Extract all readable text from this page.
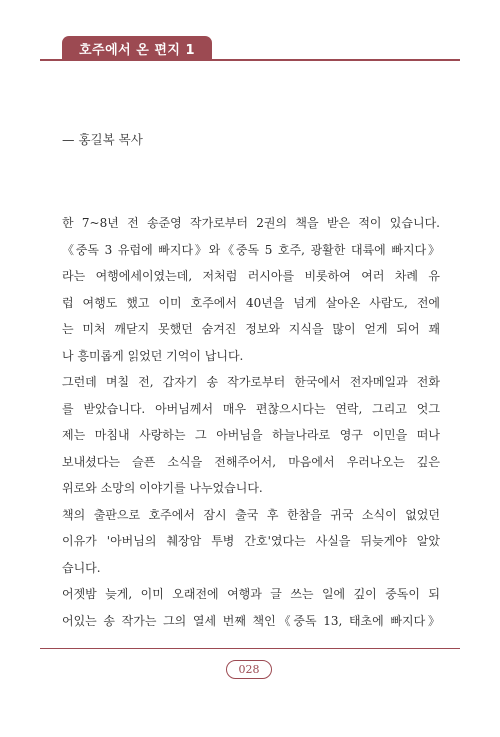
호주에서 온 편지 1
— 홍길복 목사
한 7~8년 전 송준영 작가로부터 2권의 책을 받은 적이 있습니다.
《중독 3 유럽에 빠지다》와《중독 5 호주, 광활한 대륙에 빠지다》
라는 여행에세이였는데, 저처럼 러시아를 비롯하여 여러 차례 유
럽 여행도 했고 이미 호주에서 40년을 넘게 살아온 사람도, 전에
는 미처 깨닫지 못했던 숨겨진 정보와 지식을 많이 얻게 되어 꽤
나 흥미롭게 읽었던 기억이 납니다.
그런데 며칠 전, 갑자기 송 작가로부터 한국에서 전자메일과 전화
를 받았습니다. 아버님께서 매우 편찮으시다는 연락, 그리고 엇그
제는 마침내 사랑하는 그 아버님을 하늘나라로 영구 이민을 떠나
보내셨다는 슬픈 소식을 전해주어서, 마음에서 우러나오는 깊은
위로와 소망의 이야기를 나누었습니다.
책의 출판으로 호주에서 잠시 출국 후 한참을 귀국 소식이 없었던
이유가 '아버님의 췌장암 투병 간호'였다는 사실을 뒤늦게야 알았
습니다.
어젯밤 늦게, 이미 오래전에 여행과 글 쓰는 일에 깊이 중독이 되
어있는 송 작가는 그의 열세 번째 책인《중독 13, 태초에 빠지다》
028
